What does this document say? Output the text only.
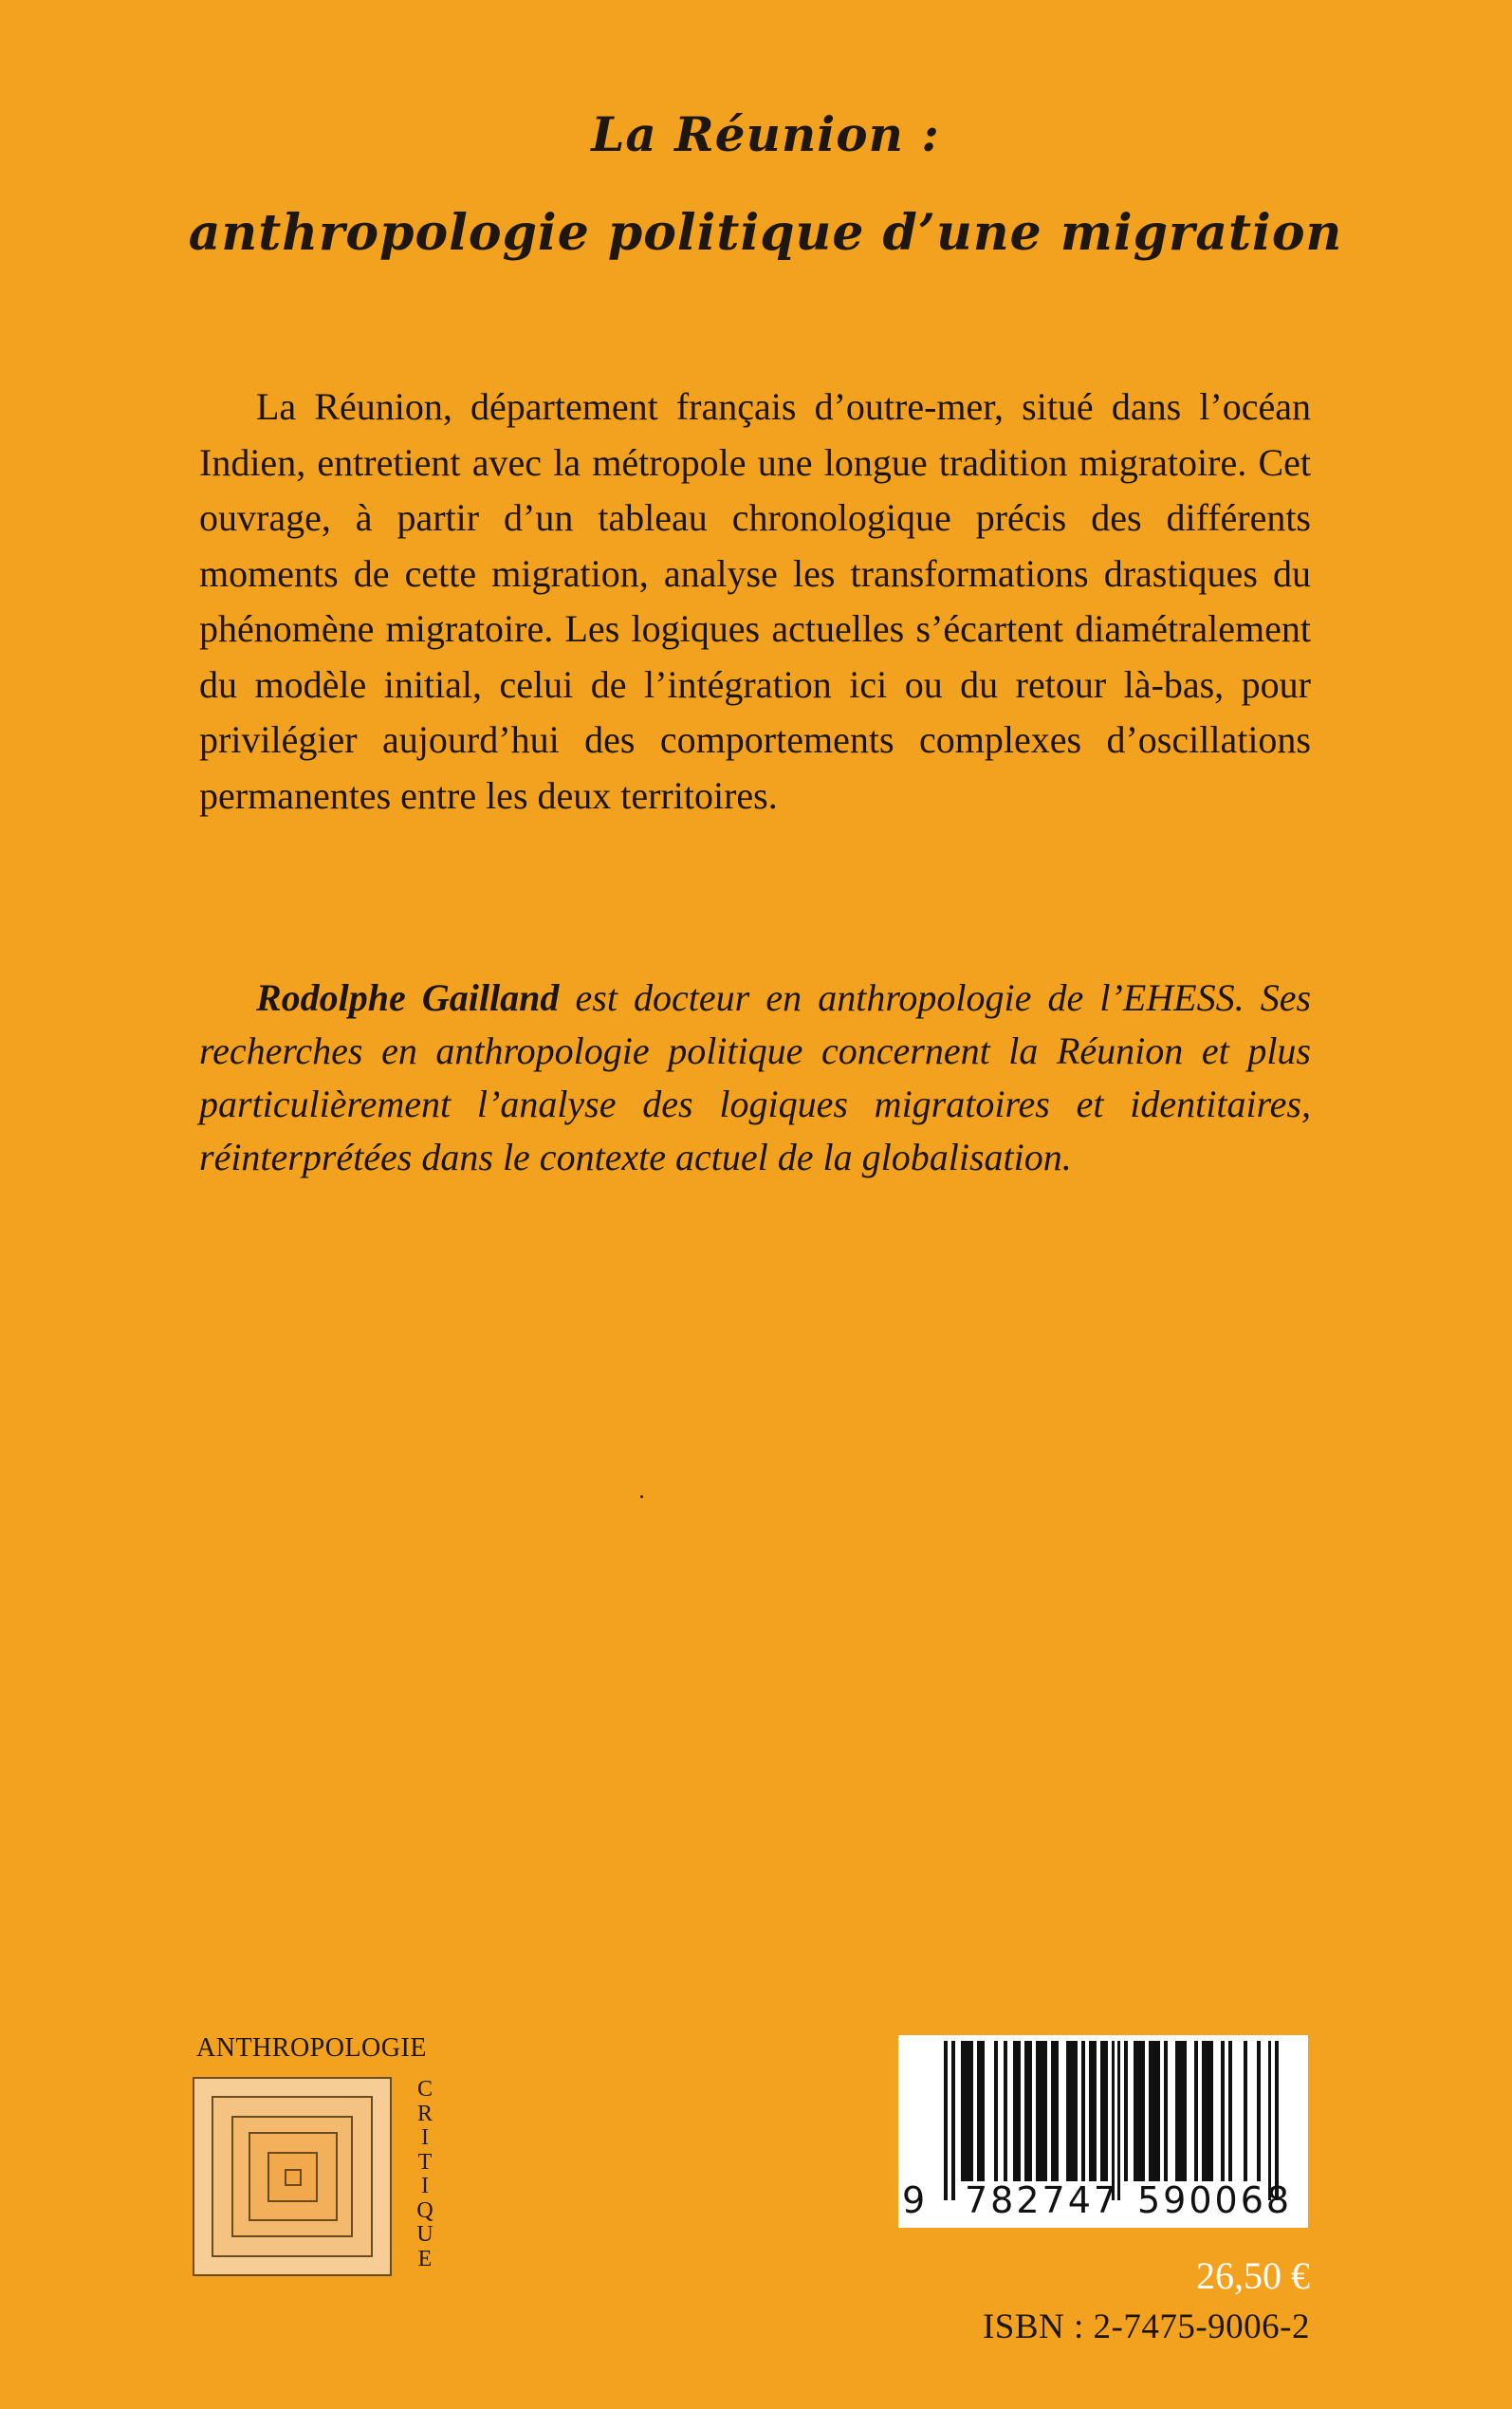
La Réunion :
anthropologie politique d’une migration

La Réunion, département français d’outre-mer, situé dans l’océan Indien, entretient avec la métropole une longue tradition migratoire. Cet ouvrage, à partir d’un tableau chronologique précis des différents moments de cette migration, analyse les transformations drastiques du phénomène migratoire. Les logiques actuelles s’écartent diamétralement du modèle initial, celui de l’intégration ici ou du retour là-bas, pour privilégier aujourd’hui des comportements complexes d’oscillations permanentes entre les deux territoires.

Rodolphe Gailland est docteur en anthropologie de l’EHESS. Ses recherches en anthropologie politique concernent la Réunion et plus particulièrement l’analyse des logiques migratoires et identitaires, réinterprétées dans le contexte actuel de la globalisation.

ANTHROPOLOGIE
C
R
I
T
I
Q
U
E
9 782747 590068
26,50 €
ISBN : 2-7475-9006-2
